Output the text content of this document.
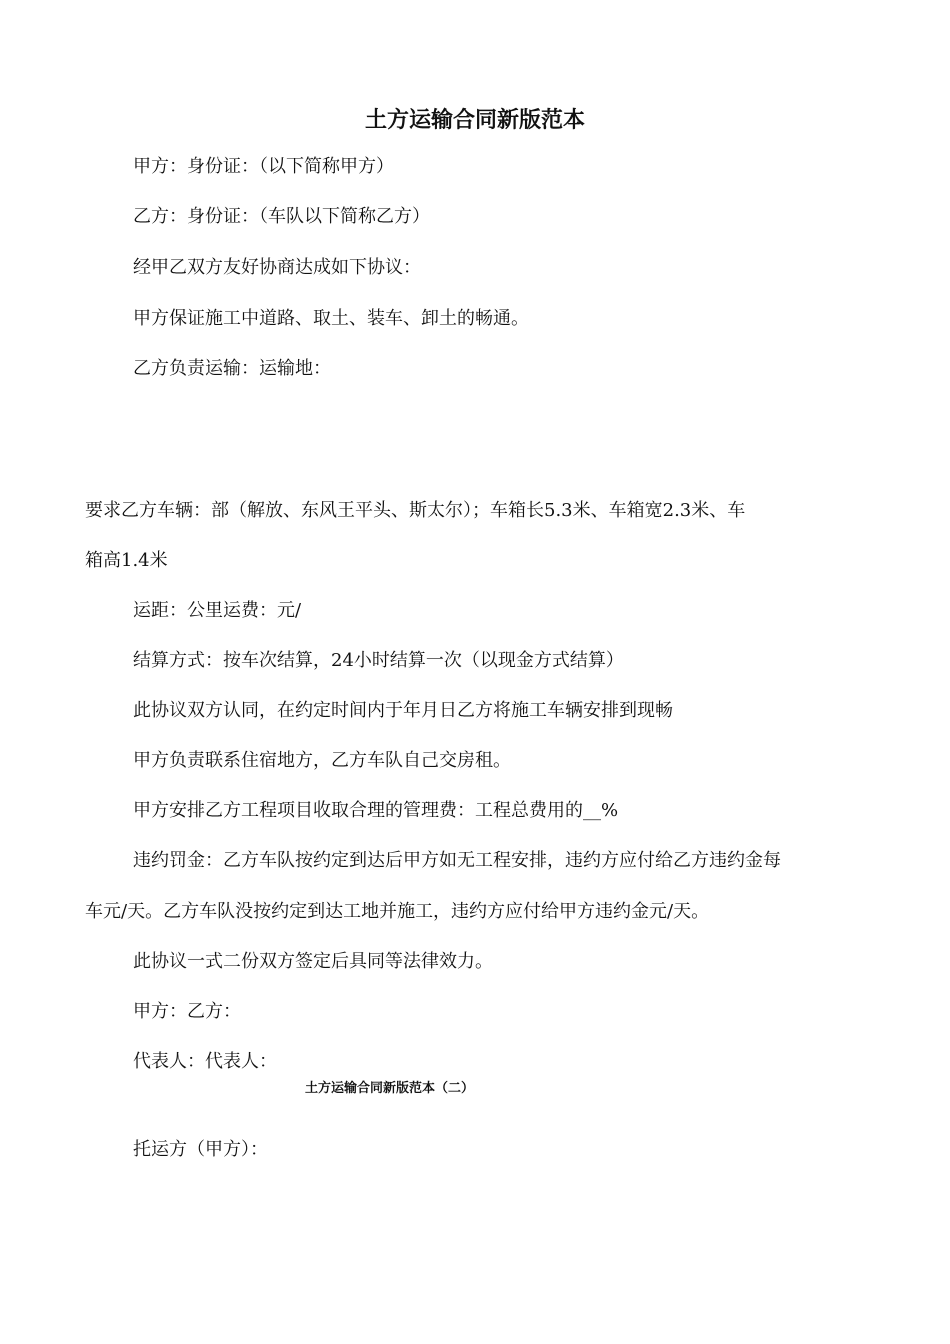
土方运输合同新版范本
甲方：身份证：（以下简称甲方）
乙方：身份证：（车队以下简称乙方）
经甲乙双方友好协商达成如下协议：
甲方保证施工中道路、取土、装车、卸土的畅通。
乙方负责运输：运输地：
要求乙方车辆：部（解放、东风王平头、斯太尔）；车箱长5.3米、车箱宽2.3米、车
箱高1.4米
运距：公里运费：元/
结算方式：按车次结算，24小时结算一次（以现金方式结算）
此协议双方认同，在约定时间内于年月日乙方将施工车辆安排到现畅
甲方负责联系住宿地方，乙方车队自己交房租。
甲方安排乙方工程项目收取合理的管理费：工程总费用的__%
违约罚金：乙方车队按约定到达后甲方如无工程安排，违约方应付给乙方违约金每
车元/天。乙方车队没按约定到达工地并施工，违约方应付给甲方违约金元/天。
此协议一式二份双方签定后具同等法律效力。
甲方：乙方：
代表人：代表人：
土方运输合同新版范本（二）
托运方（甲方）：
